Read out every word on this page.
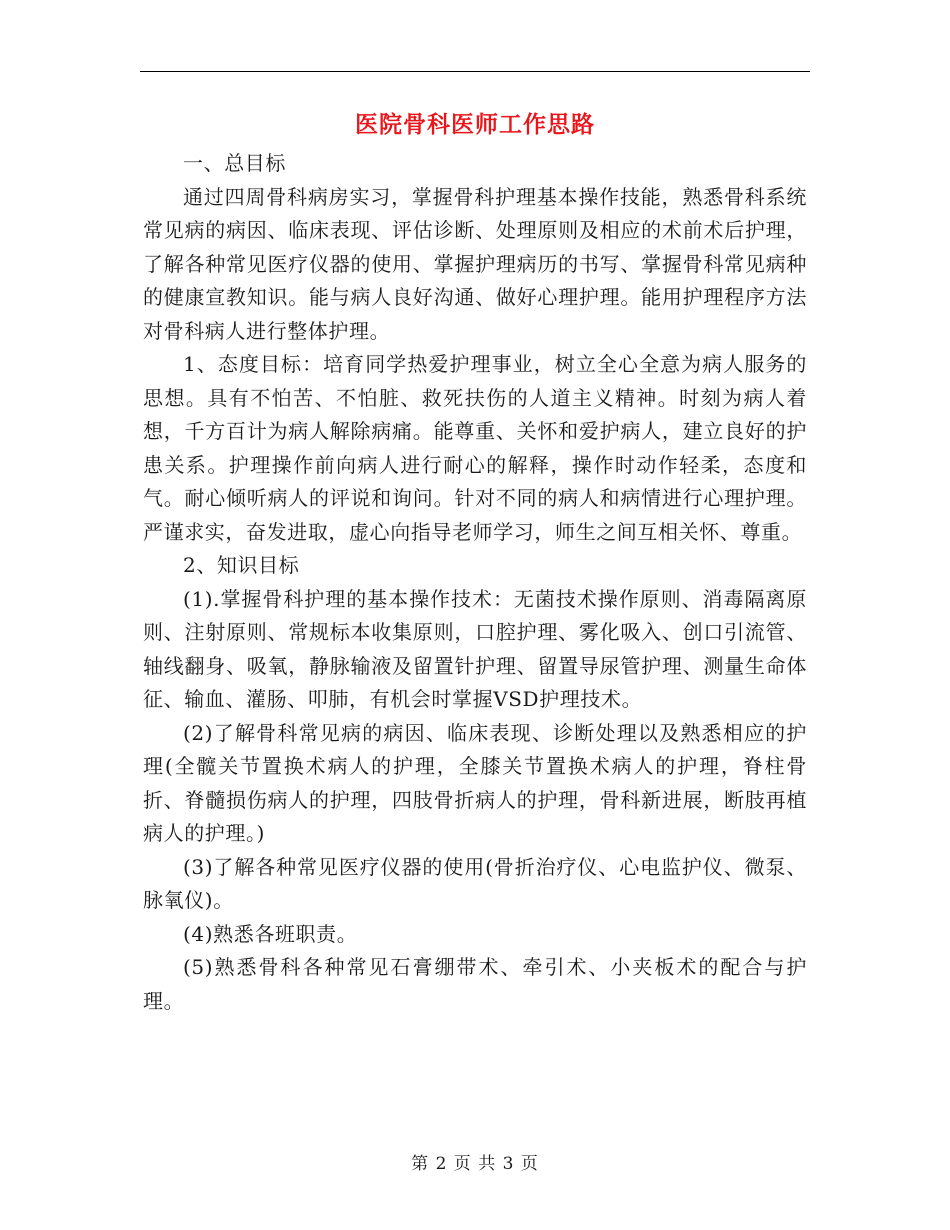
医院骨科医师工作思路

一、总目标

通过四周骨科病房实习，掌握骨科护理基本操作技能，熟悉骨科系统常见病的病因、临床表现、评估诊断、处理原则及相应的术前术后护理，了解各种常见医疗仪器的使用、掌握护理病历的书写、掌握骨科常见病种的健康宣教知识。能与病人良好沟通、做好心理护理。能用护理程序方法对骨科病人进行整体护理。

1、态度目标：培育同学热爱护理事业，树立全心全意为病人服务的思想。具有不怕苦、不怕脏、救死扶伤的人道主义精神。时刻为病人着想，千方百计为病人解除病痛。能尊重、关怀和爱护病人，建立良好的护患关系。护理操作前向病人进行耐心的解释，操作时动作轻柔，态度和气。耐心倾听病人的评说和询问。针对不同的病人和病情进行心理护理。严谨求实，奋发进取，虚心向指导老师学习，师生之间互相关怀、尊重。

2、知识目标

(1).掌握骨科护理的基本操作技术：无菌技术操作原则、消毒隔离原则、注射原则、常规标本收集原则，口腔护理、雾化吸入、创口引流管、轴线翻身、吸氧，静脉输液及留置针护理、留置导尿管护理、测量生命体征、输血、灌肠、叩肺，有机会时掌握VSD护理技术。

(2)了解骨科常见病的病因、临床表现、诊断处理以及熟悉相应的护理(全髋关节置换术病人的护理，全膝关节置换术病人的护理，脊柱骨折、脊髓损伤病人的护理，四肢骨折病人的护理，骨科新进展，断肢再植病人的护理。)

(3)了解各种常见医疗仪器的使用(骨折治疗仪、心电监护仪、微泵、脉氧仪)。

(4)熟悉各班职责。

(5)熟悉骨科各种常见石膏绷带术、牵引术、小夹板术的配合与护理。

第 2 页 共 3 页
